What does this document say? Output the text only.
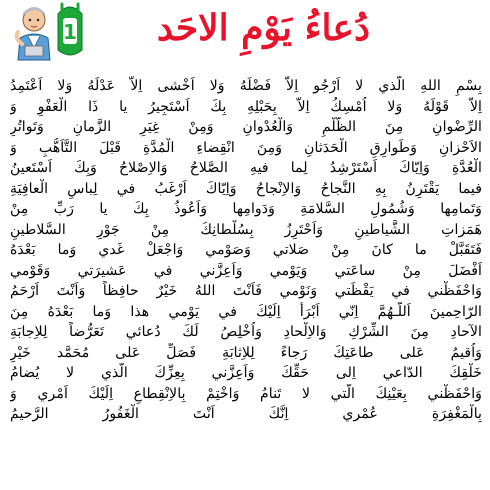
1 دُعاءُ يَوْمِ الاحَد
بِسْمِ اللهِ الّذي لا اَرْجُو اِلاّ فَضْلَهُ وَلا اَخْشى اِلاّ عَدْلَهُ وَلا اَعْتَمِدُ
اِلاّ قَوْلَهُ وَلا اُمْسِكُ اِلاّ بِحَبْلِهِ بِكَ اَسْتَجِيرُ يا ذَا الْعَفْوِ وَ
الرِّضْوانِ مِنَ الظُّلْمِ وَالْعُدْوانِ وَمِنْ غِيَرِ الزَّمانِ وَتَواتُرِ
الاَحْزانِ وَطَوارِقِ الْحَدَثانِ وَمِنَ انْقِضاءِ الْمُدَّةِ قَبْلَ التَّاَهُّبِ وَ
الْعُدَّةِ وَاِيّاكَ اَسْتَرْشِدُ لِما فيهِ الصَّلاحُ وَالاِصْلاحُ وَبِكَ اَسْتَعينُ
فيما يَقْتَرِنُ بِهِ النَّجاحُ وَالاِنْجاحُ وَاِيّاكَ اَرْغَبُ في لِباسِ الْعافِيَةِ
وَتَمامِها وَشُمُولِ السَّلامَةِ وَدَوامِها وَاَعُوذُ بِكَ يا رَبِّ مِنْ
هَمَزاتِ الشَّياطينِ وَاَحْتَرِزُ بِسُلْطانِكَ مِنْ جَوْرِ السَّلاطينِ
فَتَقَبَّلْ ما كانَ مِنْ صَلاتي وَصَوْمي وَاجْعَلْ غَدي وَما بَعْدَهُ
اَفْضَلَ مِنْ ساعَتي وَيَوْمي وَاَعِزَّني في عَشيرَتي وَقَوْمي
وَاحْفَظْني في يَقْظَتي وَنَوْمي فَاَنْتَ اللهُ خَيْرٌ حافِظاً وَاَنْتَ اَرْحَمُ
الرّاحِمينَ اَللّـهُمَّ اِنّي اَبْرَأُ اِلَيْكَ في يَوْمي هذا وَما بَعْدَهُ مِنَ
الآحادِ مِنَ الشِّرْكِ وَالاِلْحادِ وَاُخْلِصُ لَكَ دُعائي تَعَرُّضاً لِلاِجابَةِ
وَاُقيمُ عَلى طاعَتِكَ رَجاءً لِلاِثابَةِ فَصَلِّ عَلى مُحَمَّد خَيْرِ
خَلْقِكَ الدّاعي اِلى حَقِّكَ وَاَعِزَّني بِعِزِّكَ الَّذي لا يُضامُ
وَاحْفَظْني بِعَيْنِكَ الَّتي لا تَنامُ وَاخْتِمْ بِالاِنْقِطاعِ اِلَيْكَ اَمْري وَ
بِالْمَغْفِرَةِ عُمْري اِنَّكَ اَنْتَ الْغَفُورُ الرَّحيمُ
